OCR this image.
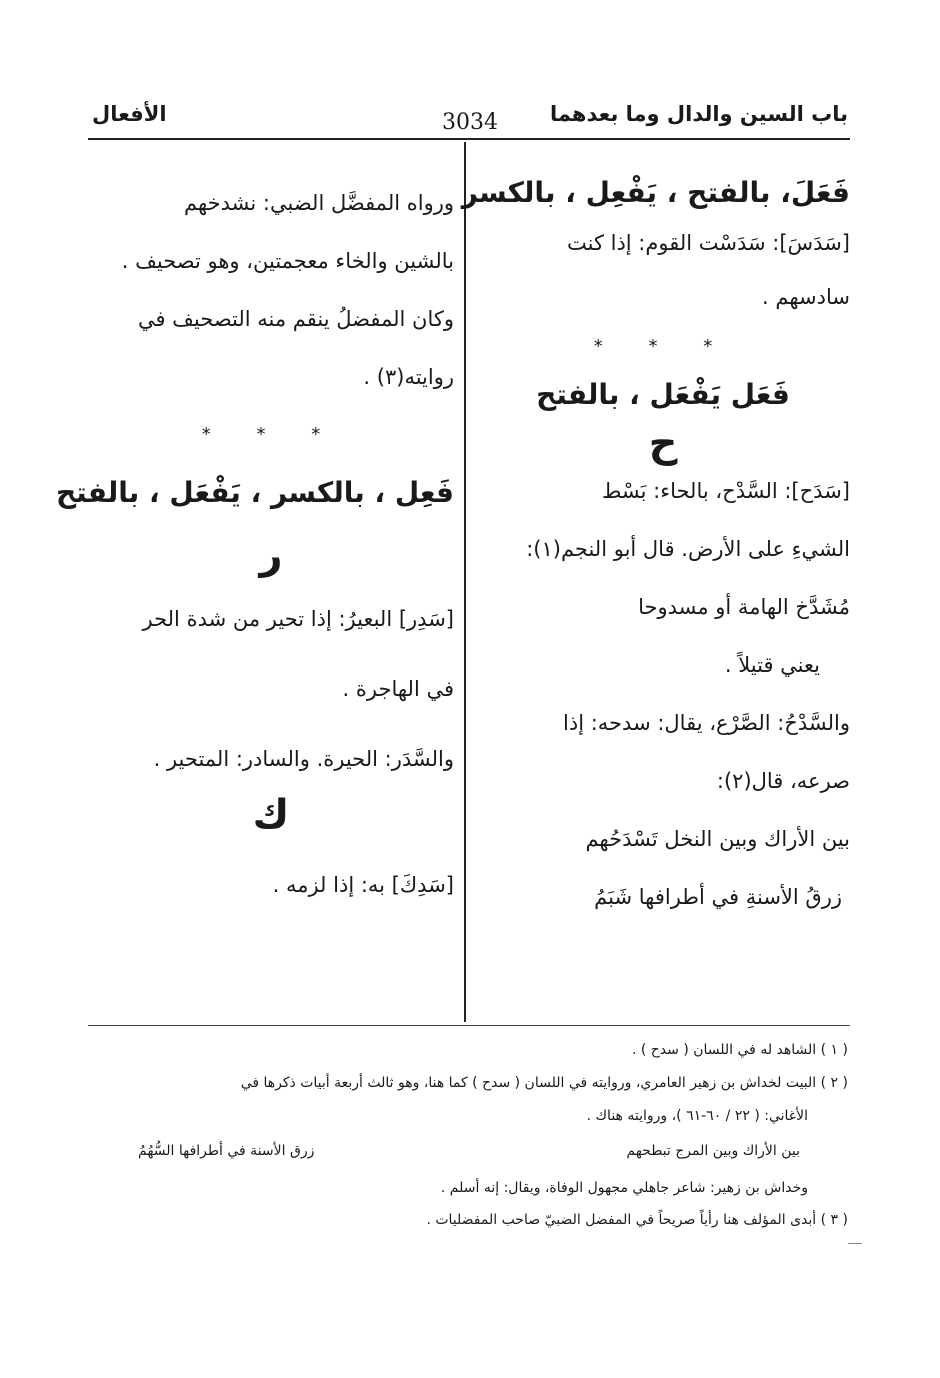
باب السين والدال وما بعدهما
3034
الأفعال
فَعَلَ، بالفتح ، يَفْعِل ، بالكسر
[سَدَسَ]: سَدَسْت القوم: إذا كنت
سادسهم .
* * *
فَعَل يَفْعَل ، بالفتح
ح
[سَدَح]: السَّدْح، بالحاء: بَسْط
الشيءِ على الأرض. قال أبو النجم(١):
مُشَدَّخ الهامة أو مسدوحا
يعني قتيلاً .
والسَّدْحُ: الصَّرْع، يقال: سدحه: إذا
صرعه، قال(٢):
بين الأراك وبين النخل تَسْدَحُهم
زرقُ الأسنةِ في أطرافها شَبَمُ
ورواه المفضَّل الضبي: نشدخهم
بالشين والخاء معجمتين، وهو تصحيف .
وكان المفضلُ ينقم منه التصحيف في
روايته(٣) .
* * *
فَعِل ، بالكسر ، يَفْعَل ، بالفتح
ر
[سَدِر] البعيرُ: إذا تحير من شدة الحر
في الهاجرة .
والسَّدَر: الحيرة. والسادر: المتحير .
ك
[سَدِكَ] به: إذا لزمه .
( ١ ) الشاهد له في اللسان ( سدح ) .
( ٢ ) البيت لخداش بن زهير العامري، وروايته في اللسان ( سدح ) كما هنا، وهو ثالث أربعة أبيات ذكرها في
الأغاني: ( ٢٢ / ٦٠-٦١ )، وروايته هناك .
بين الأراك وبين المرج تبطحهم
زرق الأسنة في أطرافها السُّهُمُ
وخداش بن زهير: شاعر جاهلي مجهول الوفاة، ويقال: إنه أسلم .
( ٣ ) أبدى المؤلف هنا رأياً صريحاً في المفضل الضبيّ صاحب المفضليات .
